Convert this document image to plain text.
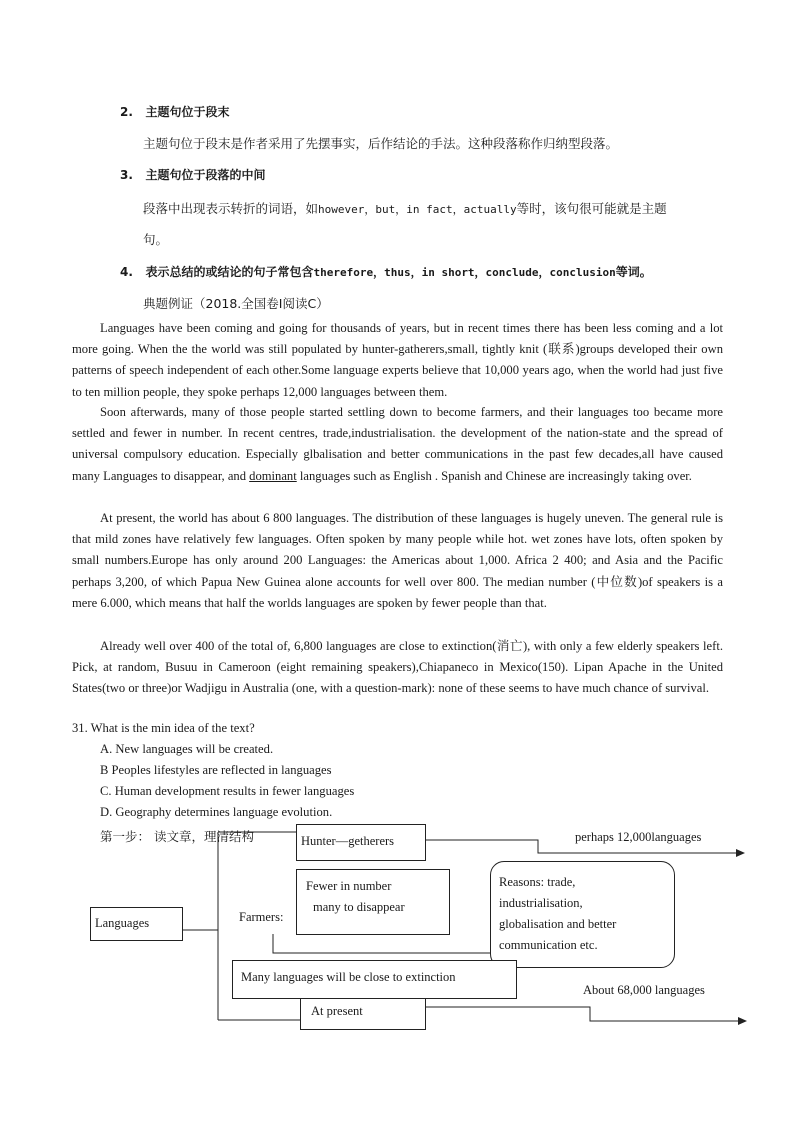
2. 主题句位于段末
主题句位于段末是作者采用了先摆事实，后作结论的手法。这种段落称作归纳型段落。
3. 主题句位于段落的中间
段落中出现表示转折的词语，如however，but，in fact，actually等时，该句很可能就是主题
句。
4. 表示总结的或结论的句子常包含therefore，thus，in short，conclude，conclusion等词。
典题例证（2018.全国卷Ⅰ阅读C）

Languages have been coming and going for thousands of years, but in recent times there has been less coming and a lot more going. When the the world was still populated by hunter-gatherers,small, tightly knit (联系)groups developed their own patterns of speech independent of each other.Some language experts believe that 10,000 years ago, when the world had just five to ten million people, they spoke perhaps 12,000 languages between them.

Soon afterwards, many of those people started settling down to become farmers, and their languages too became more settled and fewer in number. In recent centres, trade,industrialisation. the development of the nation-state and the spread of universal compulsory education. Especially glbalisation and better communications in the past few decades,all have caused many Languages to disappear, and dominant languages such as English . Spanish and Chinese are increasingly taking over.

At present, the world has about 6 800 languages. The distribution of these languages is hugely uneven. The general rule is that mild zones have relatively few languages. Often spoken by many people while hot. wet zones have lots, often spoken by small numbers.Europe has only around 200 Languages: the Americas about 1,000. Africa 2 400; and Asia and the Pacific perhaps 3,200, of which Papua New Guinea alone accounts for well over 800. The median number (中位数)of speakers is a mere 6.000, which means that half the worlds languages are spoken by fewer people than that.

Already well over 400 of the total of, 6,800 languages are close to extinction(消亡), with only a few elderly speakers left. Pick, at random, Busuu in Cameroon (eight remaining speakers),Chiapaneco in Mexico(150). Lipan Apache in the United States(two or three)or Wadjigu in Australia (one, with a question-mark): none of these seems to have much chance of survival.

31. What is the min idea of the text?
A. New languages will be created.
B Peoples lifestyles are reflected in languages
C. Human development results in fewer languages
D. Geography determines language evolution.
第一步： 读文章，理清结构
Languages
Hunter—getherers	perhaps 12,000languages
Farmers:
Fewer in number
many to disappear
Reasons: trade,
industrialisation,
globalisation and better
communication etc.
Many languages will be close to extinction
About 68,000 languages
At present
